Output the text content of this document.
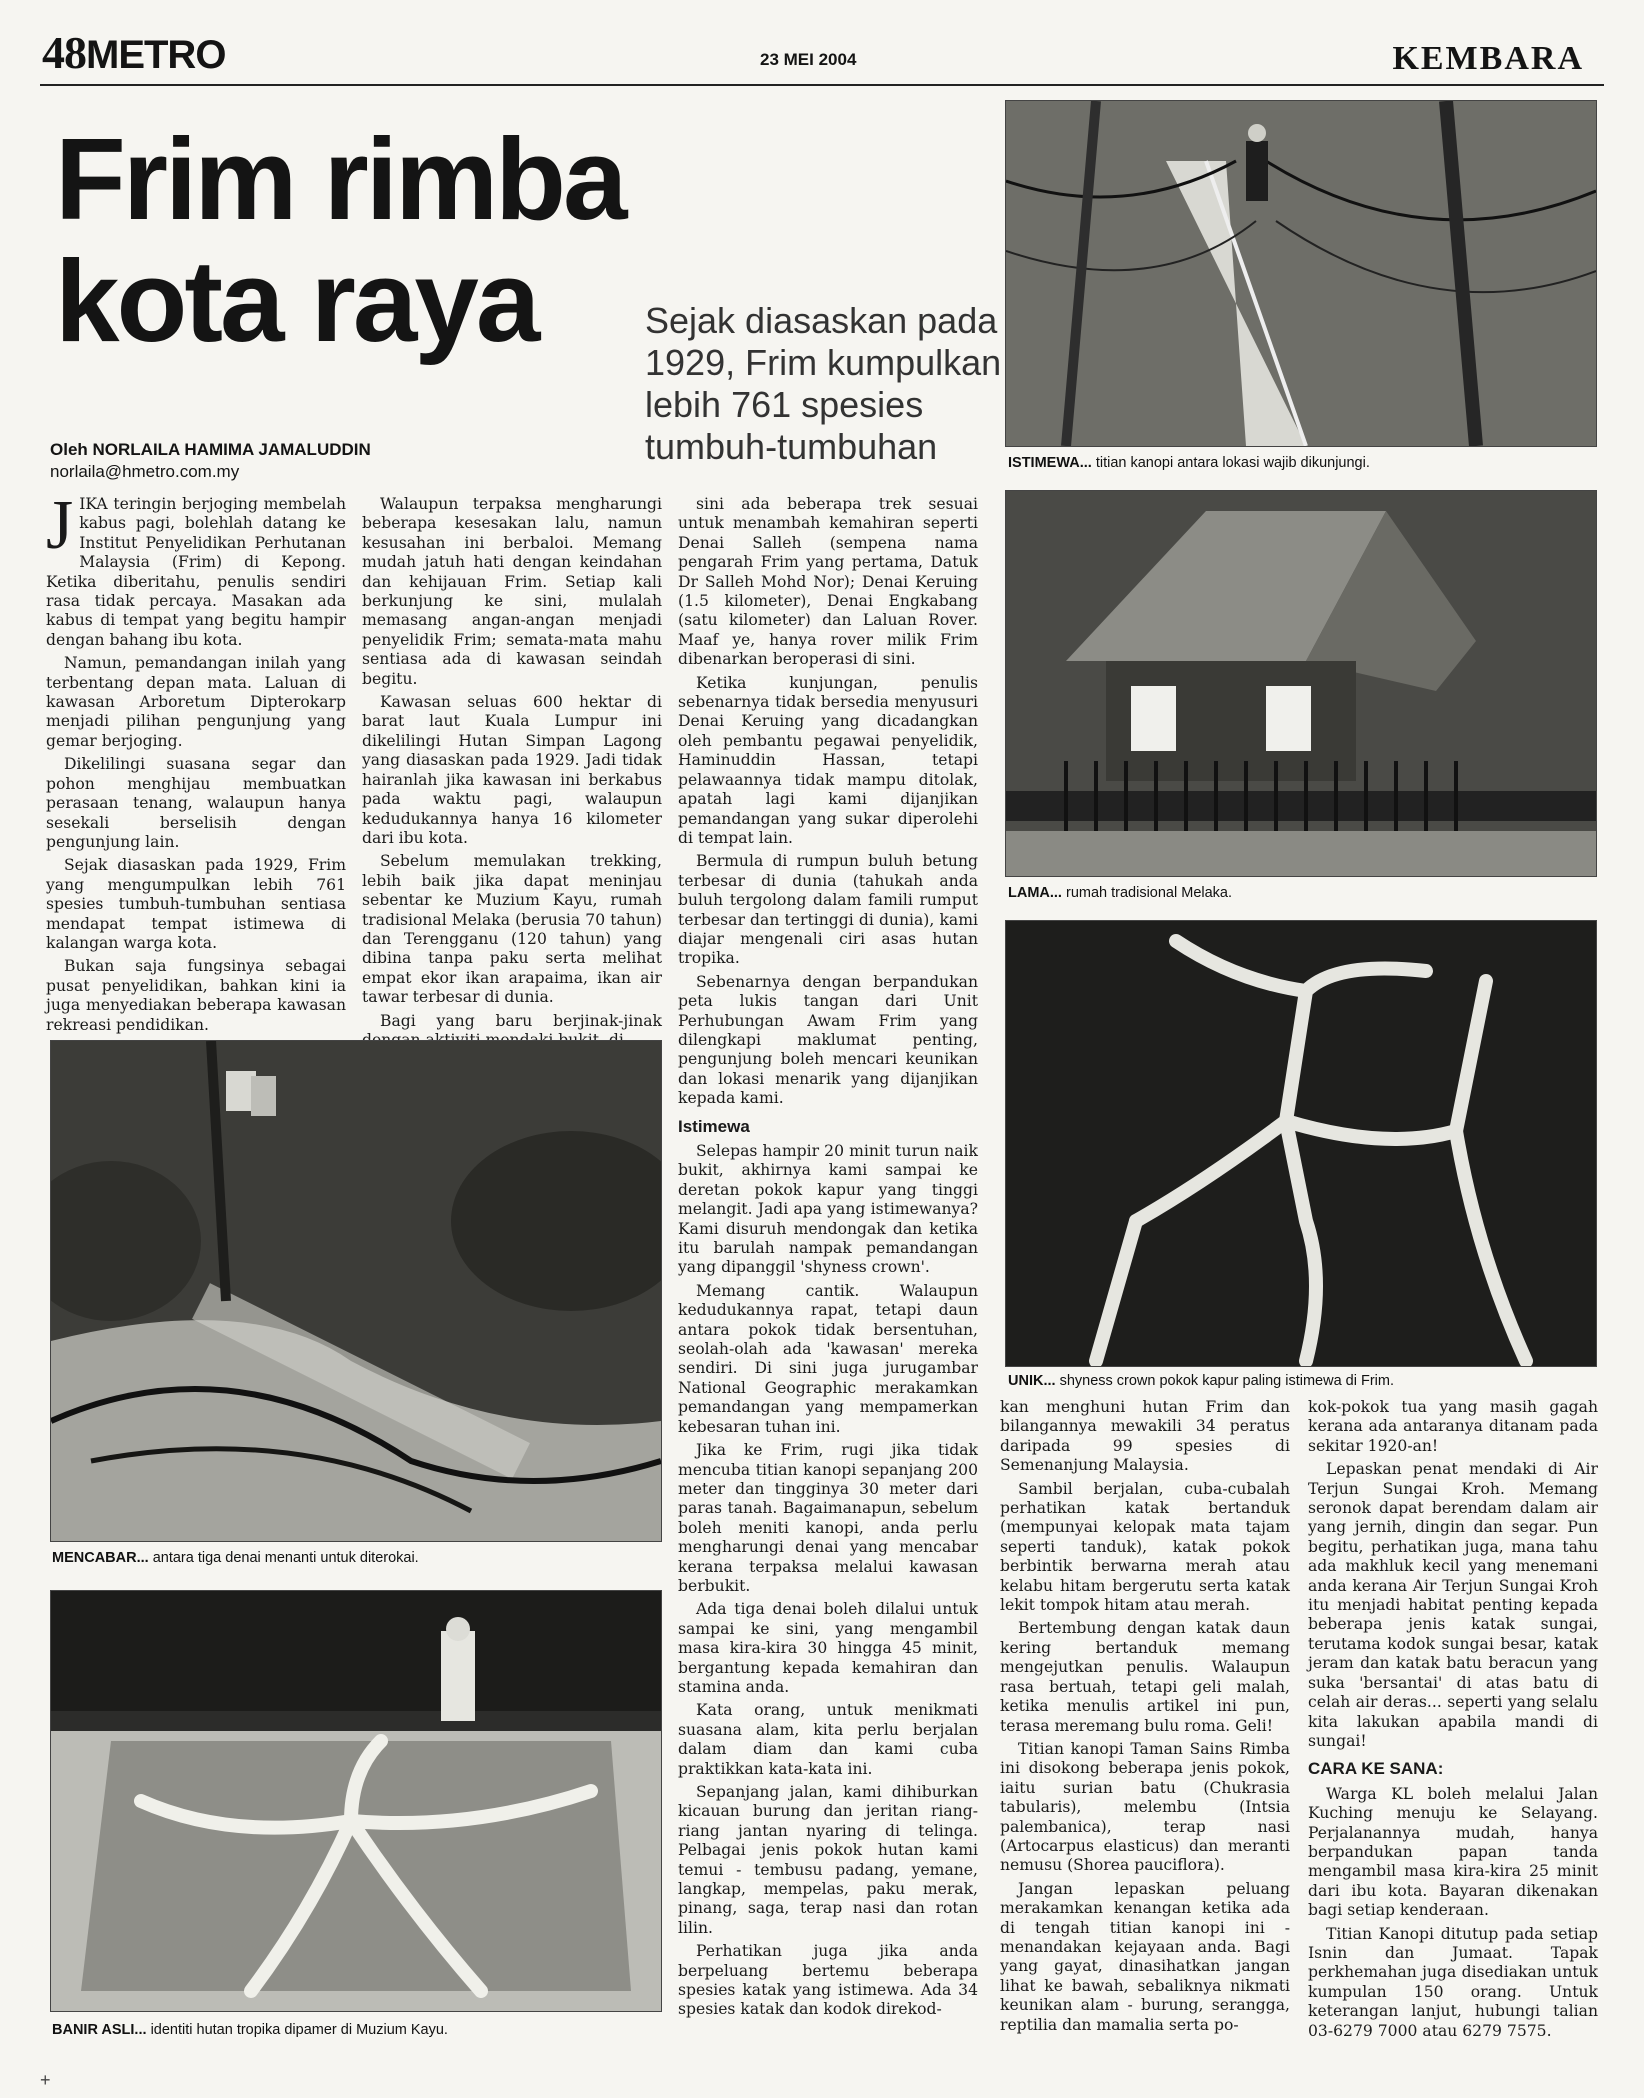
48METRO	23 MEI 2004	KEMBARA
Frim rimba
kota raya	Sejak diasaskan pada 1929, Frim kumpulkan lebih 761 spesies tumbuh-tumbuhan
Oleh NORLAILA HAMIMA JAMALUDDIN
norlaila@hmetro.com.my

JIKA teringin berjoging membelah kabus pagi, bolehlah datang ke Institut Penyelidikan Perhutanan Malaysia (Frim) di Kepong. Ketika diberitahu, penulis sendiri rasa tidak percaya. Masakan ada kabus di tempat yang begitu hampir dengan bahang ibu kota.

Namun, pemandangan inilah yang terbentang depan mata. Laluan di kawasan Arboretum Dipterokarp menjadi pilihan pengunjung yang gemar berjoging.

Dikelilingi suasana segar dan pohon menghijau membuatkan perasaan tenang, walaupun hanya sesekali berselisih dengan pengunjung lain.

Sejak diasaskan pada 1929, Frim yang mengumpulkan lebih 761 spesies tumbuh-tumbuhan sentiasa mendapat tempat istimewa di kalangan warga kota.

Bukan saja fungsinya sebagai pusat penyelidikan, bahkan kini ia juga menyediakan beberapa kawasan rekreasi pendidikan.

Walaupun terpaksa mengharungi beberapa kesesakan lalu, namun kesusahan ini berbaloi. Memang mudah jatuh hati dengan keindahan dan kehijauan Frim. Setiap kali berkunjung ke sini, mulalah memasang angan-angan menjadi penyelidik Frim; semata-mata mahu sentiasa ada di kawasan seindah begitu.

Kawasan seluas 600 hektar di barat laut Kuala Lumpur ini dikelilingi Hutan Simpan Lagong yang diasaskan pada 1929. Jadi tidak hairanlah jika kawasan ini berkabus pada waktu pagi, walaupun kedudukannya hanya 16 kilometer dari ibu kota.

Sebelum memulakan trekking, lebih baik jika dapat meninjau sebentar ke Muzium Kayu, rumah tradisional Melaka (berusia 70 tahun) dan Terengganu (120 tahun) yang dibina tanpa paku serta melihat empat ekor ikan arapaima, ikan air tawar terbesar di dunia.

Bagi yang baru berjinak-jinak

sini ada beberapa trek sesuai untuk menambah kemahiran seperti Denai Salleh (sempena nama pengarah Frim yang pertama, Datuk Dr Salleh Mohd Nor); Denai Keruing (1.5 kilometer), Denai Engkabang (satu kilometer) dan Laluan Rover. Maaf ye, hanya rover milik Frim dibenarkan beroperasi di sini.

Ketika kunjungan, penulis sebenarnya tidak bersedia menyusuri Denai Keruing yang dicadangkan oleh pembantu pegawai penyelidik, Haminuddin Hassan, tetapi pelawaannya tidak mampu ditolak, apatah lagi kami dijanjikan pemandangan yang sukar diperolehi di tempat lain.

Bermula di rumpun buluh betung terbesar di dunia (tahukah anda buluh tergolong dalam famili rumput terbesar dan tertinggi di dunia), kami diajar mengenali ciri asas hutan tropika.

Sebenarnya dengan berpandukan peta lukis tangan dari Unit Perhubungan Awam Frim yang dilengkapi maklumat penting, pengunjung boleh mencari keunikan dan lokasi menarik yang dijanjikan kepada kami.

Istimewa

Selepas hampir 20 minit turun naik bukit, akhirnya kami sampai ke deretan pokok kapur yang tinggi melangit. Jadi apa yang istimewanya? Kami disuruh mendongak dan ketika itu barulah nampak pemandangan yang dipanggil 'shyness crown'.

Memang cantik. Walaupun kedudukannya rapat, tetapi daun antara pokok tidak bersentuhan, seolah-olah ada 'kawasan' mereka sendiri. Di sini juga jurugambar National Geographic merakamkan pemandangan yang mempamerkan kebesaran tuhan ini.

Jika ke Frim, rugi jika tidak mencuba titian kanopi sepanjang 200 meter dan tingginya 30 meter dari paras tanah. Bagaimanapun, sebelum boleh meniti kanopi, anda perlu mengharungi denai yang mencabar kerana terpaksa melalui kawasan berbukit.

Ada tiga denai boleh dilalui untuk sampai ke sini, yang mengambil masa kira-kira 30 hingga 45 minit, bergantung kepada kemahiran dan stamina anda.

Kata orang, untuk menikmati suasana alam, kita perlu berjalan dalam diam dan kami cuba praktikkan kata-kata ini.

Sepanjang jalan, kami dihiburkan kicauan burung dan jeritan riang-riang jantan nyaring di telinga. Pelbagai jenis pokok hutan kami temui - tembusu padang, yemane, langkap, mempelas, paku merak, pinang, saga, terap nasi dan rotan lilin.

Perhatikan juga jika anda berpeluang bertemu beberapa spesies katak yang istimewa. Ada 34 spesies katak dan kodok direkod-

kan menghuni hutan Frim dan bilangannya mewakili 34 peratus daripada 99 spesies di Semenanjung Malaysia.

Sambil berjalan, cuba-cubalah perhatikan katak bertanduk (mempunyai kelopak mata tajam seperti tanduk), katak pokok berbintik berwarna merah atau kelabu hitam bergerutu serta katak lekit tompok hitam atau merah.

Bertembung dengan katak daun kering bertanduk memang mengejutkan penulis. Walaupun rasa bertuah, tetapi geli malah, ketika menulis artikel ini pun, terasa meremang bulu roma. Geli!

Titian kanopi Taman Sains Rimba ini disokong beberapa jenis pokok, iaitu surian batu (Chukrasia tabularis), melembu (Intsia palembanica), terap nasi (Artocarpus elasticus) dan meranti nemusu (Shorea pauciflora).

Jangan lepaskan peluang merakamkan kenangan ketika ada di tengah titian kanopi ini - menandakan kejayaan anda. Bagi yang gayat, dinasihatkan jangan lihat ke bawah, sebaliknya nikmati keunikan alam - burung, serangga, reptilia dan mamalia serta po-

kok-pokok tua yang masih gagah kerana ada antaranya ditanam pada sekitar 1920-an!

Lepaskan penat mendaki di Air Terjun Sungai Kroh. Memang seronok dapat berendam dalam air yang jernih, dingin dan segar. Pun begitu, perhatikan juga, mana tahu ada makhluk kecil yang menemani anda kerana Air Terjun Sungai Kroh itu menjadi habitat penting kepada beberapa jenis katak sungai, terutama kodok sungai besar, katak jeram dan katak batu beracun yang suka 'bersantai' di atas batu di celah air deras... seperti yang selalu kita lakukan apabila mandi di sungai!

CARA KE SANA:

Warga KL boleh melalui Jalan Kuching menuju ke Selayang. Perjalanannya mudah, hanya berpandukan papan tanda mengambil masa kira-kira 25 minit dari ibu kota. Bayaran dikenakan bagi setiap kenderaan.

Titian Kanopi ditutup pada setiap Isnin dan Jumaat. Tapak perkhemahan juga disediakan untuk kumpulan 150 orang. Untuk keterangan lanjut, hubungi talian 03-6279 7000 atau 6279 7575.

ISTIMEWA... titian kanopi antara lokasi wajib dikunjungi.
LAMA... rumah tradisional Melaka.
UNIK... shyness crown pokok kapur paling istimewa di Frim.
MENCABAR... antara tiga denai menanti untuk diterokai.
BANIR ASLI... identiti hutan tropika dipamer di Muzium Kayu.
+
